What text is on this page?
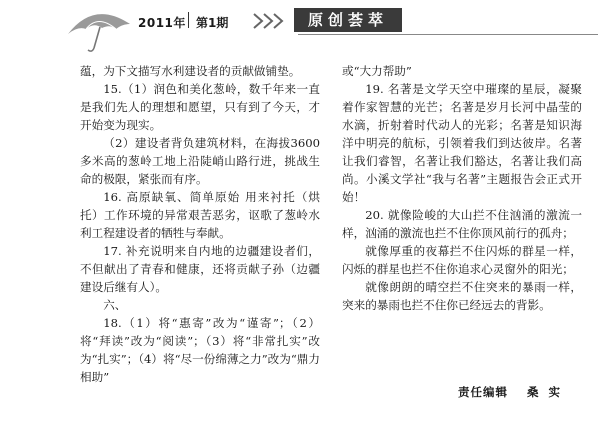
2011年 第1期	原创荟萃

蕴，为下文描写水利建设者的贡献做铺垫。

15.（1）润色和美化葱岭，数千年来一直是我们先人的理想和愿望，只有到了今天，才开始变为现实。

（2）建设者背负建筑材料，在海拔3600多米高的葱岭工地上沿陡峭山路行进，挑战生命的极限，紧张而有序。

16. 高原缺氧、简单原始 用来衬托（烘托）工作环境的异常艰苦恶劣，讴歌了葱岭水利工程建设者的牺牲与奉献。

17. 补充说明来自内地的边疆建设者们，不但献出了青春和健康，还将贡献子孙（边疆建设后继有人）。

六、

18.（1）将“惠寄”改为“谨寄”；（2）将“拜读”改为“阅读”；（3）将“非常扎实”改为“扎实”；（4）将“尽一份绵薄之力”改为“鼎力相助”

或“大力帮助”

19. 名著是文学天空中璀璨的星辰，凝聚着作家智慧的光芒；名著是岁月长河中晶莹的水滴，折射着时代动人的光彩；名著是知识海洋中明亮的航标，引领着我们到达彼岸。名著让我们睿智，名著让我们豁达，名著让我们高尚。小溪文学社“我与名著”主题报告会正式开始！

20. 就像险峻的大山拦不住汹涌的激流一样，汹涌的激流也拦不住你顶风前行的孤舟；

就像厚重的夜幕拦不住闪烁的群星一样，闪烁的群星也拦不住你追求心灵窗外的阳光；

就像朗朗的晴空拦不住突来的暴雨一样，突来的暴雨也拦不住你已经远去的背影。

责任编辑 桑实
